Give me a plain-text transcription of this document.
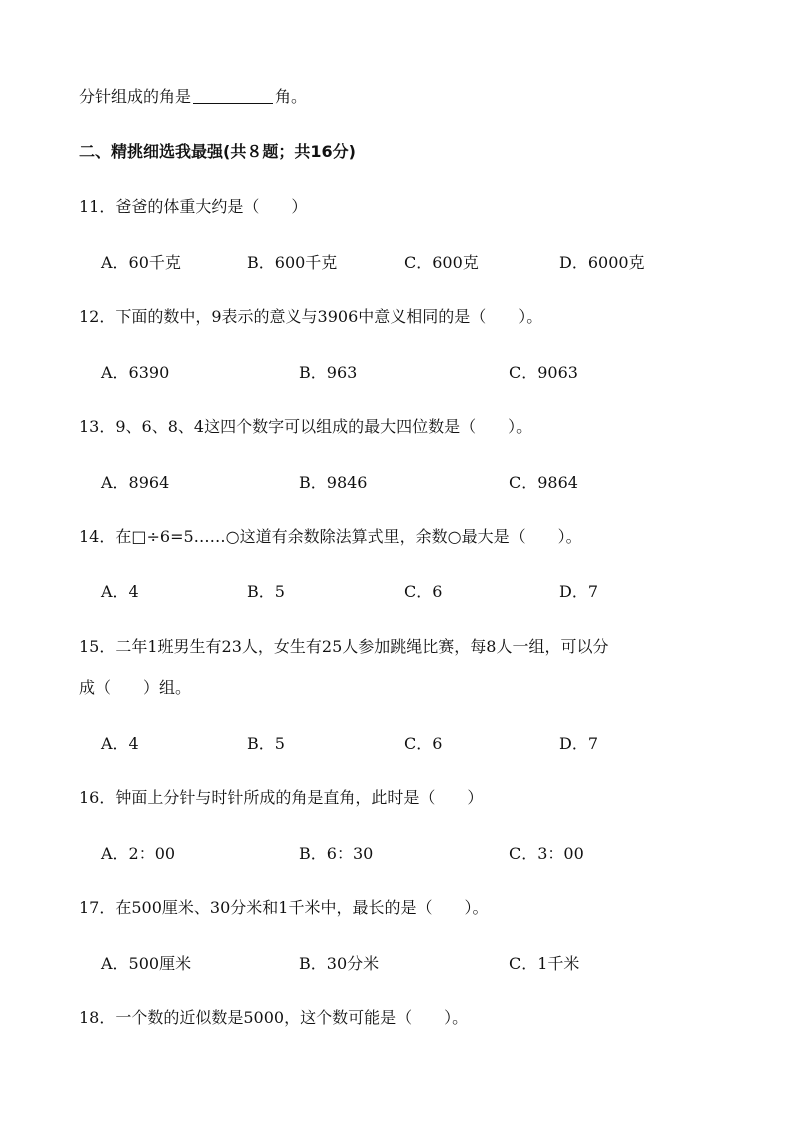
分针组成的角是	角。
二、精挑细选我最强(共８题；共16分)
11．爸爸的体重大约是（　　）
A．60千克	B．600千克	C．600克	D．6000克
12．下面的数中，9表示的意义与3906中意义相同的是（　　）。
A．6390	B．963	C．9063
13．9、6、8、4这四个数字可以组成的最大四位数是（　　）。
A．8964	B．9846	C．9864
14．在□÷6=5……○这道有余数除法算式里，余数○最大是（　　）。
A．4	B．5	C．6	D．7
15．二年1班男生有23人，女生有25人参加跳绳比赛，每8人一组，可以分
成（　　）组。
A．4	B．5	C．6	D．7
16．钟面上分针与时针所成的角是直角，此时是（　　）
A．2：00	B．6：30	C．3：00
17．在500厘米、30分米和1千米中，最长的是（　　）。
A．500厘米	B．30分米	C．1千米
18．一个数的近似数是5000，这个数可能是（　　）。
